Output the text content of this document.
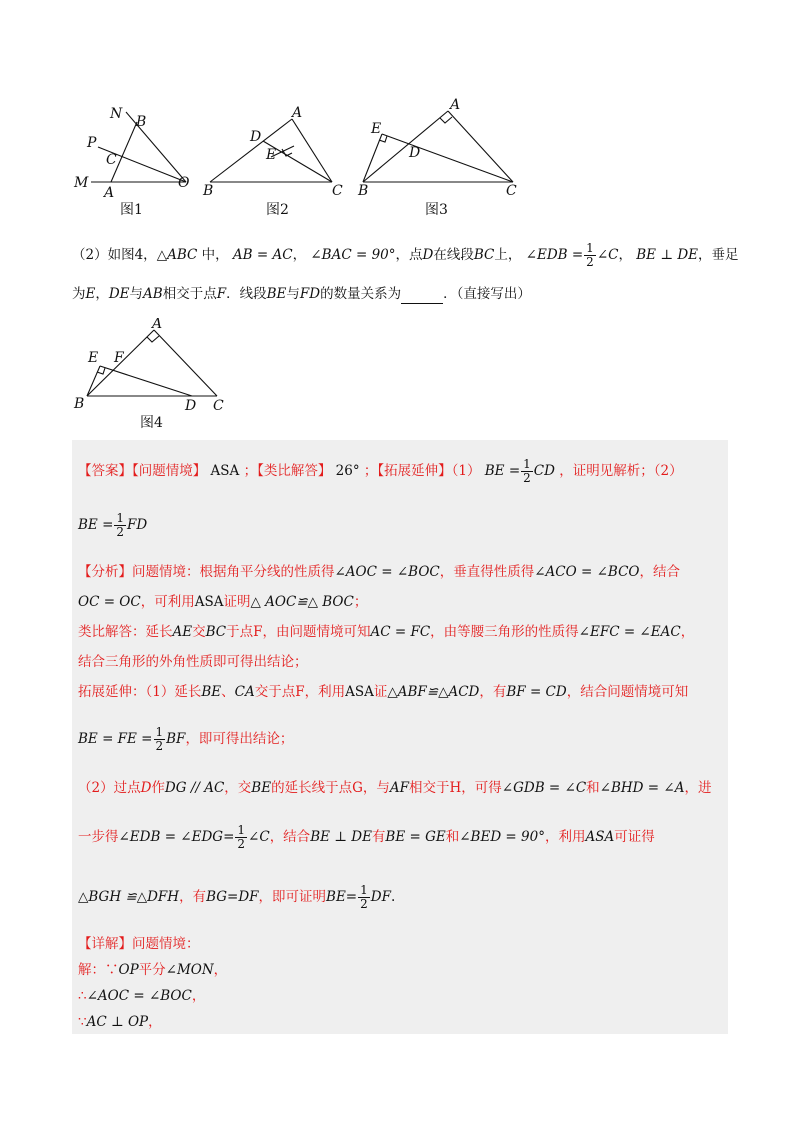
N B
P
C
M
A
O
图1
A
D
E
B	C
图2
A
E
D
B	C
图3
（2）如图4，△ABC 中， AB = AC， ∠BAC = 90°，点D在线段BC上， ∠EDB = $\frac{1}{2}$ ∠C， BE ⊥ DE，垂足
为E，DE与AB相交于点F．线段BE与FD的数量关系为	．（直接写出）
A
E F
B	D C
图4
【答案】【问题情境】 ASA ；【类比解答】 26° ；【拓展延伸】（1） BE = $\frac{1}{2}$ CD ，证明见解析；（2）
BE = $\frac{1}{2}$ FD
【分析】问题情境：根据角平分线的性质得∠AOC = ∠BOC，垂直得性质得∠ACO = ∠BCO，结合
OC = OC，可利用ASA证明△ AOC≌△ BOC；
类比解答：延长AE交BC于点F，由问题情境可知AC = FC，由等腰三角形的性质得∠EFC = ∠EAC，
结合三角形的外角性质即可得出结论；
拓展延伸：（1）延长BE、CA交于点F，利用ASA证△ABF≌△ACD，有BF = CD，结合问题情境可知
BE = FE = $\frac{1}{2}$ BF，即可得出结论；
（2）过点D作DG // AC，交BE的延长线于点G，与AF相交于H，可得∠GDB = ∠C和∠BHD = ∠A，进
一步得∠EDB = ∠EDG= $\frac{1}{2}$ ∠C，结合BE ⊥ DE有BE = GE和∠BED = 90°，利用ASA可证得
△BGH ≌△DFH，有BG=DF，即可证明$BE= \frac{1}{2}$ DF.
【详解】问题情境：
解：∵OP平分∠MON，
∴∠AOC = ∠BOC，
∵AC ⊥ OP，
